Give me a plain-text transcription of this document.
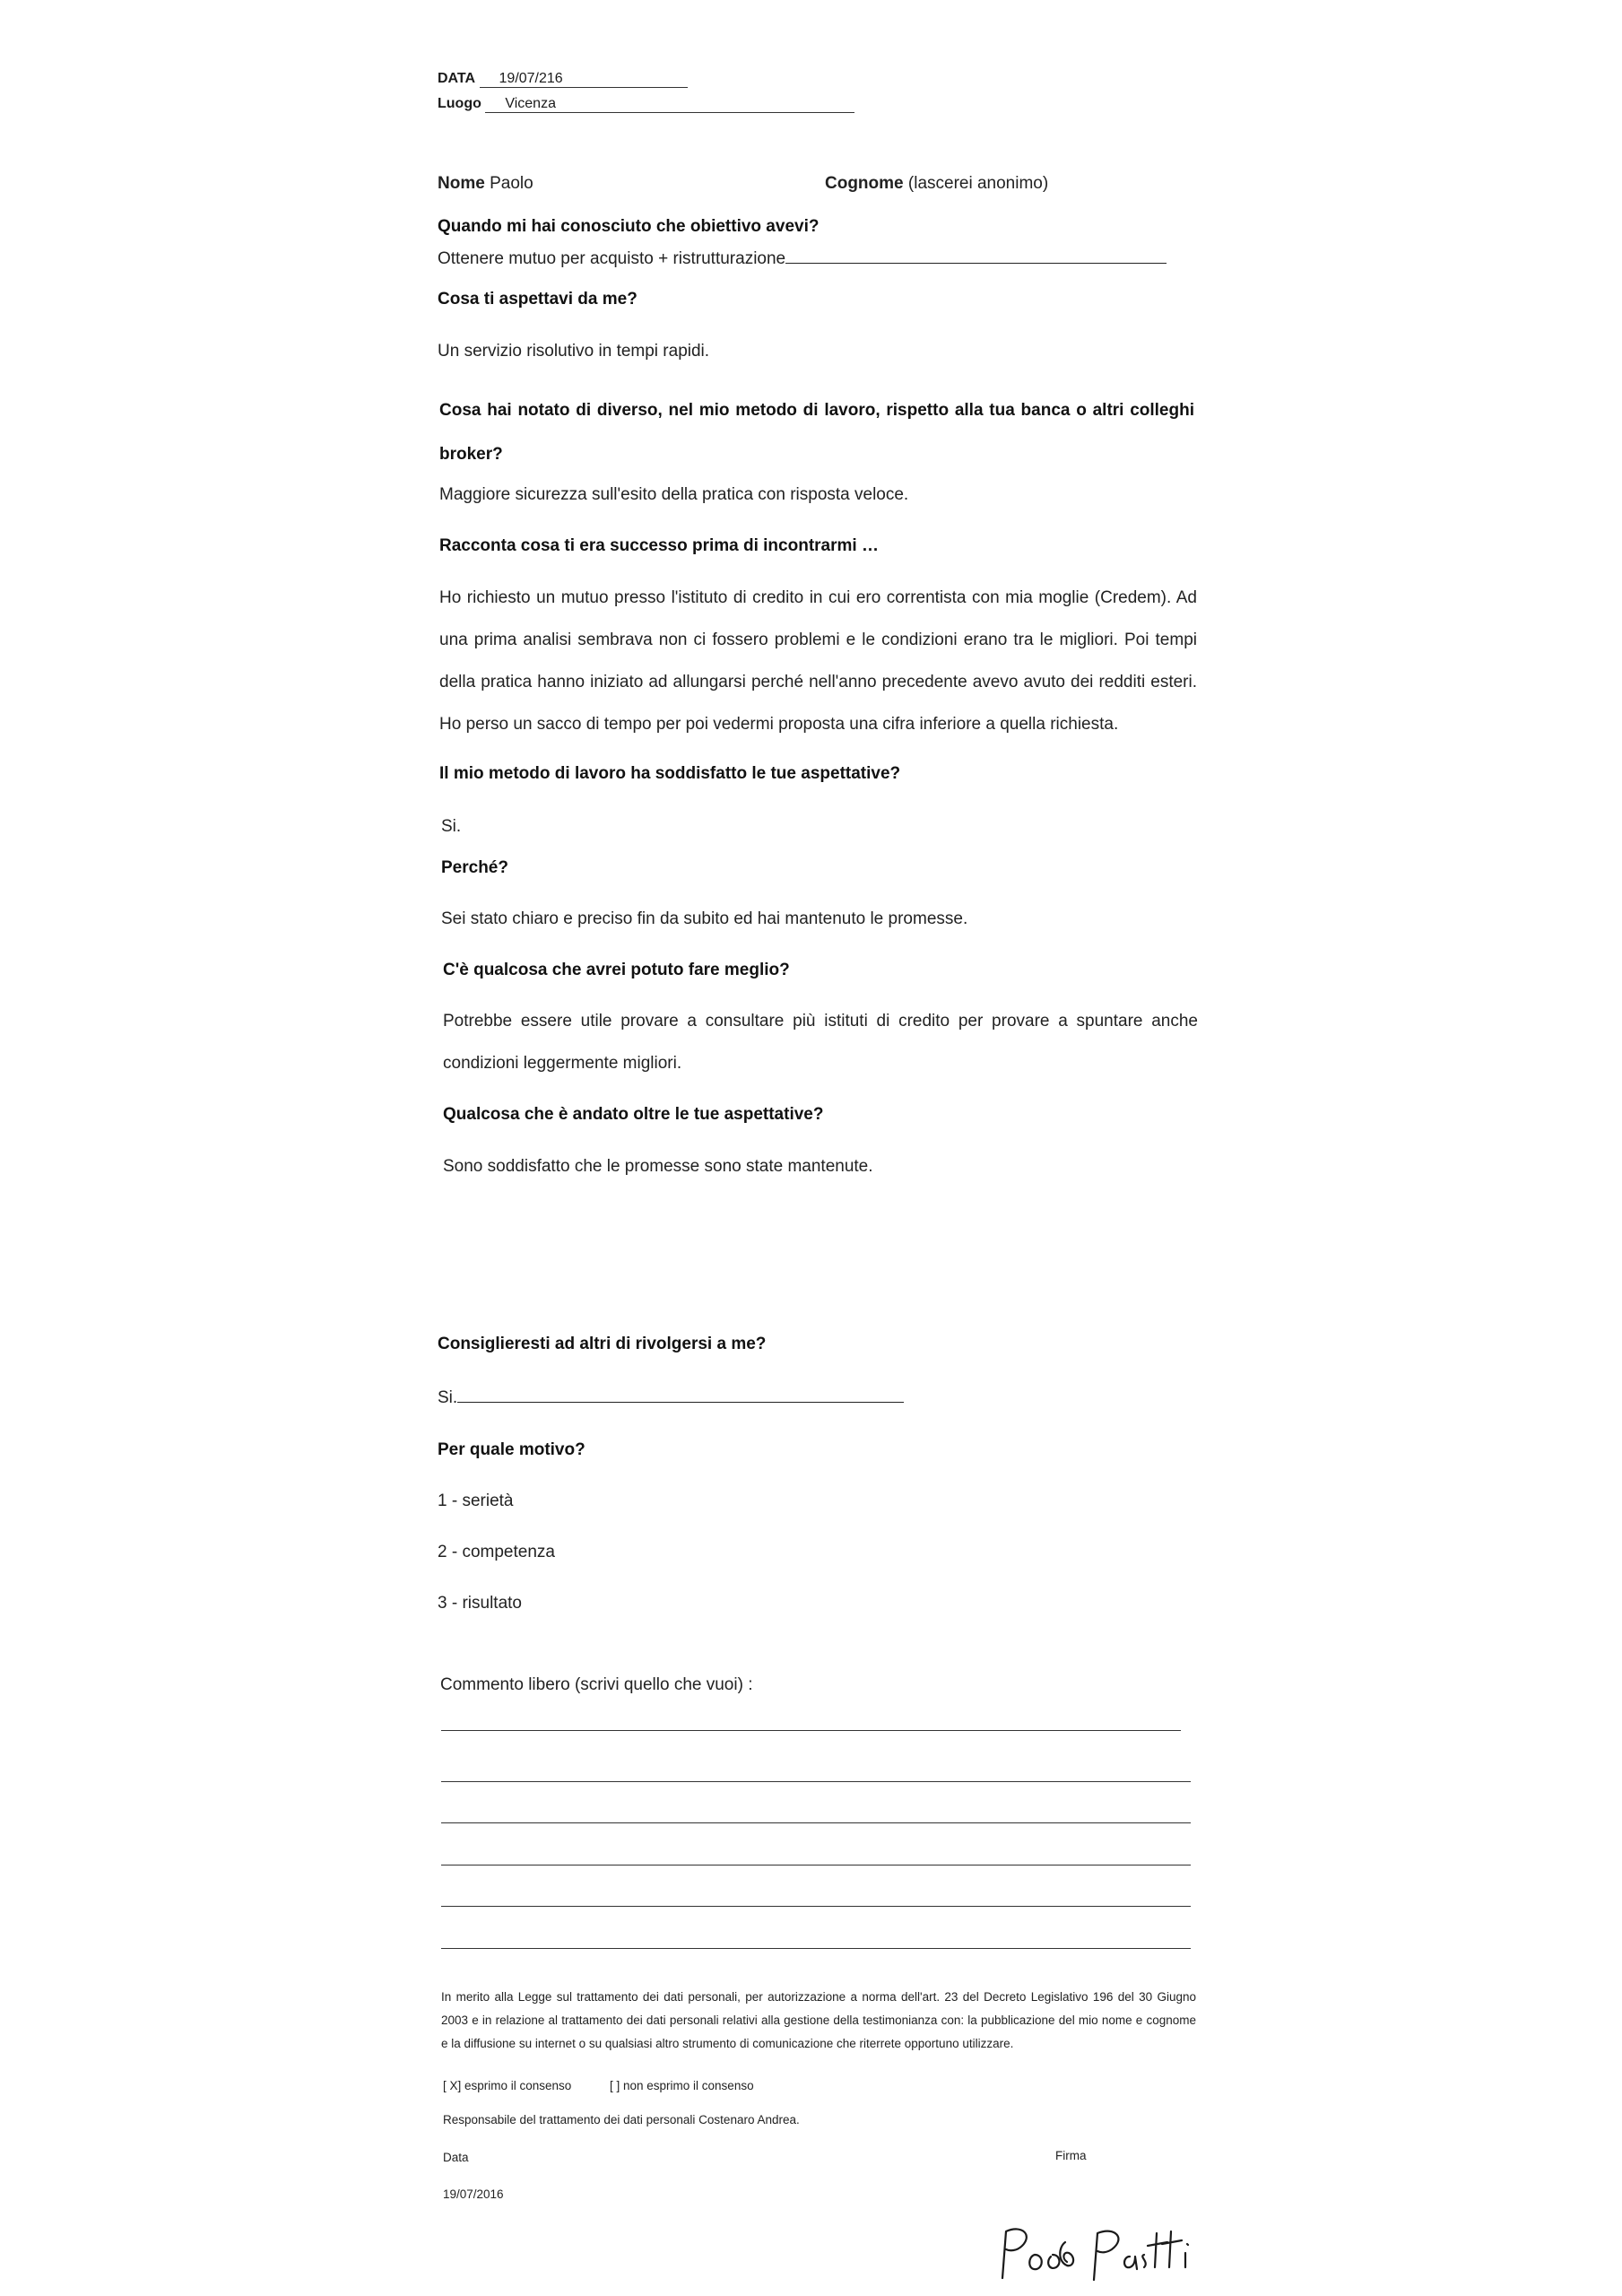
DATA 19/07/216
Luogo Vicenza
Nome Paolo	Cognome (lascerei anonimo)
Quando mi hai conosciuto che obiettivo avevi?
Ottenere mutuo per acquisto + ristrutturazione
Cosa ti aspettavi da me?
Un servizio risolutivo in tempi rapidi.
Cosa hai notato di diverso, nel mio metodo di lavoro, rispetto alla tua banca o altri colleghi broker?
Maggiore sicurezza sull'esito della pratica con risposta veloce.
Racconta cosa ti era successo prima di incontrarmi …
Ho richiesto un mutuo presso l'istituto di credito in cui ero correntista con mia moglie (Credem). Ad una prima analisi sembrava non ci fossero problemi e le condizioni erano tra le migliori. Poi tempi della pratica hanno iniziato ad allungarsi perché nell'anno precedente avevo avuto dei redditi esteri. Ho perso un sacco di tempo per poi vedermi proposta una cifra inferiore a quella richiesta.
Il mio metodo di lavoro ha soddisfatto le tue aspettative?
Si.
Perché?
Sei stato chiaro e preciso fin da subito ed hai mantenuto le promesse.
C'è qualcosa che avrei potuto fare meglio?
Potrebbe essere utile provare a consultare più istituti di credito per provare a spuntare anche condizioni leggermente migliori.
Qualcosa che è andato oltre le tue aspettative?
Sono soddisfatto che le promesse sono state mantenute.
Consiglieresti ad altri di rivolgersi a me?
Si.
Per quale motivo?
1 - serietà
2 - competenza
3 - risultato
Commento libero (scrivi quello che vuoi) :
In merito alla Legge sul trattamento dei dati personali, per autorizzazione a norma dell'art. 23 del Decreto Legislativo 196 del 30 Giugno 2003 e in relazione al trattamento dei dati personali relativi alla gestione della testimonianza con: la pubblicazione del mio nome e cognome e la diffusione su internet o su qualsiasi altro strumento di comunicazione che riterrete opportuno utilizzare.
[ X] esprimo il consenso	[ ] non esprimo il consenso
Responsabile del trattamento dei dati personali Costenaro Andrea.
Data	Firma
19/07/2016
